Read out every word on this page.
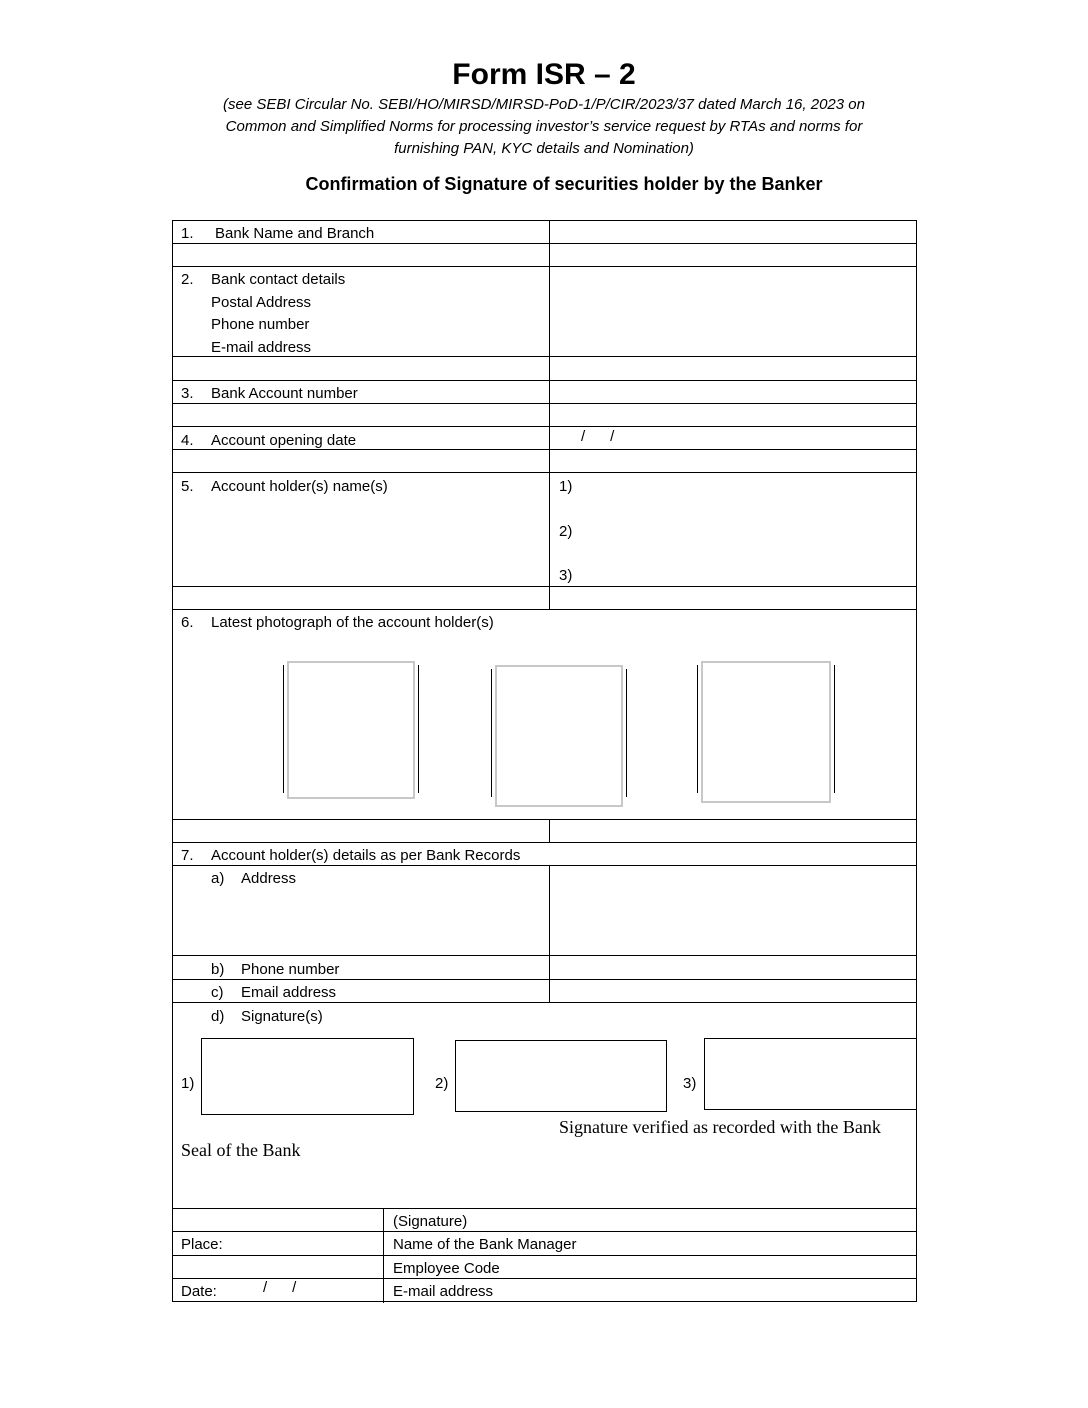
Form ISR – 2
(see SEBI Circular No. SEBI/HO/MIRSD/MIRSD-PoD-1/P/CIR/2023/37 dated March 16, 2023 on
Common and Simplified Norms for processing investor’s service request by RTAs and norms for
furnishing PAN, KYC details and Nomination)
Confirmation of Signature of securities holder by the Banker
1. Bank Name and Branch
2. Bank contact details
Postal Address
Phone number
E-mail address
3. Bank Account number
4. Account opening date	/      /
5. Account holder(s) name(s)	1)
2)
3)
6. Latest photograph of the account holder(s)
7. Account holder(s) details as per Bank Records
a) Address
b) Phone number
c) Email address
d) Signature(s)
1)	2)	3)
Signature verified as recorded with the Bank
Seal of the Bank
(Signature)
Place:	Name of the Bank Manager
Employee Code
Date:	/      /	E-mail address
